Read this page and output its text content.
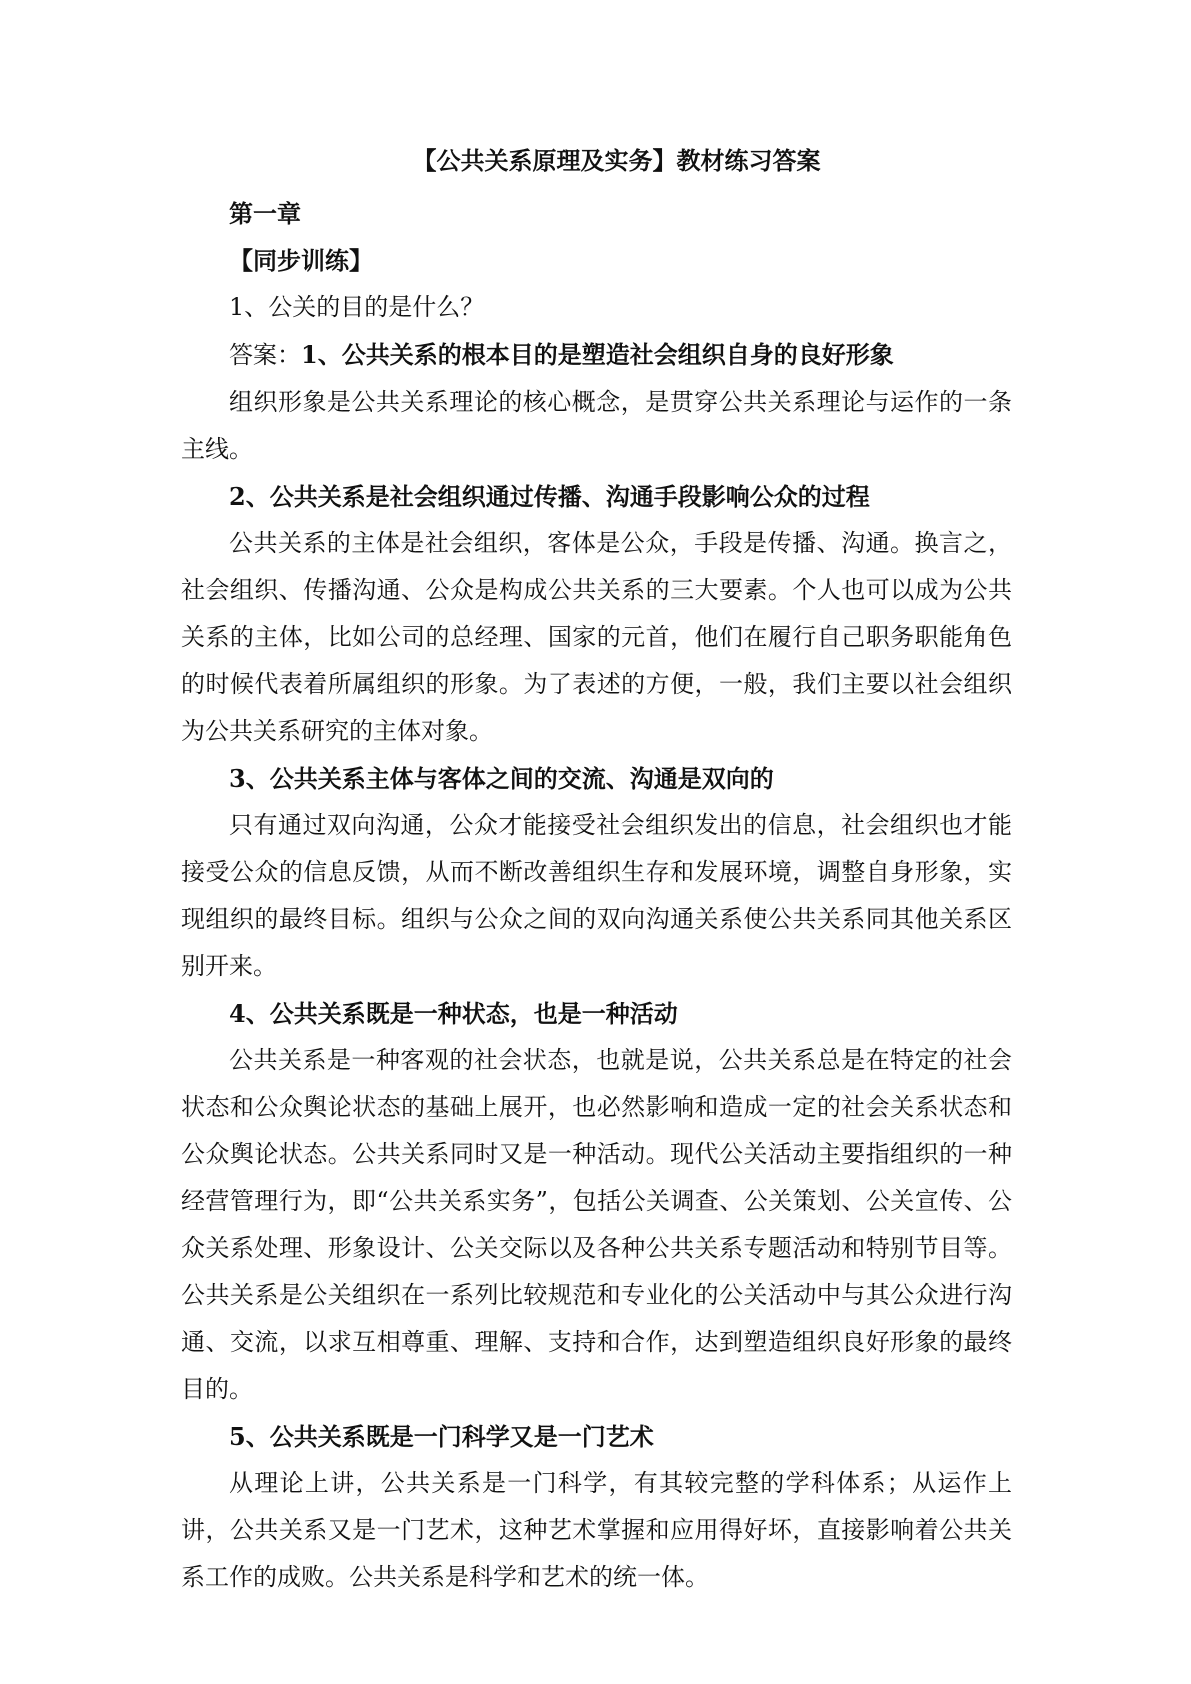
【公共关系原理及实务】教材练习答案

第一章

【同步训练】

1、公关的目的是什么？

答案：1、公共关系的根本目的是塑造社会组织自身的良好形象

组织形象是公共关系理论的核心概念，是贯穿公共关系理论与运作的一条主线。

2、公共关系是社会组织通过传播、沟通手段影响公众的过程

公共关系的主体是社会组织，客体是公众，手段是传播、沟通。换言之，社会组织、传播沟通、公众是构成公共关系的三大要素。个人也可以成为公共关系的主体，比如公司的总经理、国家的元首，他们在履行自己职务职能角色的时候代表着所属组织的形象。为了表述的方便，一般，我们主要以社会组织为公共关系研究的主体对象。

3、公共关系主体与客体之间的交流、沟通是双向的

只有通过双向沟通，公众才能接受社会组织发出的信息，社会组织也才能接受公众的信息反馈，从而不断改善组织生存和发展环境，调整自身形象，实现组织的最终目标。组织与公众之间的双向沟通关系使公共关系同其他关系区别开来。

4、公共关系既是一种状态，也是一种活动

公共关系是一种客观的社会状态，也就是说，公共关系总是在特定的社会状态和公众舆论状态的基础上展开，也必然影响和造成一定的社会关系状态和公众舆论状态。公共关系同时又是一种活动。现代公关活动主要指组织的一种经营管理行为，即“公共关系实务”，包括公关调查、公关策划、公关宣传、公众关系处理、形象设计、公关交际以及各种公共关系专题活动和特别节目等。公共关系是公关组织在一系列比较规范和专业化的公关活动中与其公众进行沟通、交流，以求互相尊重、理解、支持和合作，达到塑造组织良好形象的最终目的。

5、公共关系既是一门科学又是一门艺术

从理论上讲，公共关系是一门科学，有其较完整的学科体系；从运作上讲，公共关系又是一门艺术，这种艺术掌握和应用得好坏，直接影响着公共关系工作的成败。公共关系是科学和艺术的统一体。
